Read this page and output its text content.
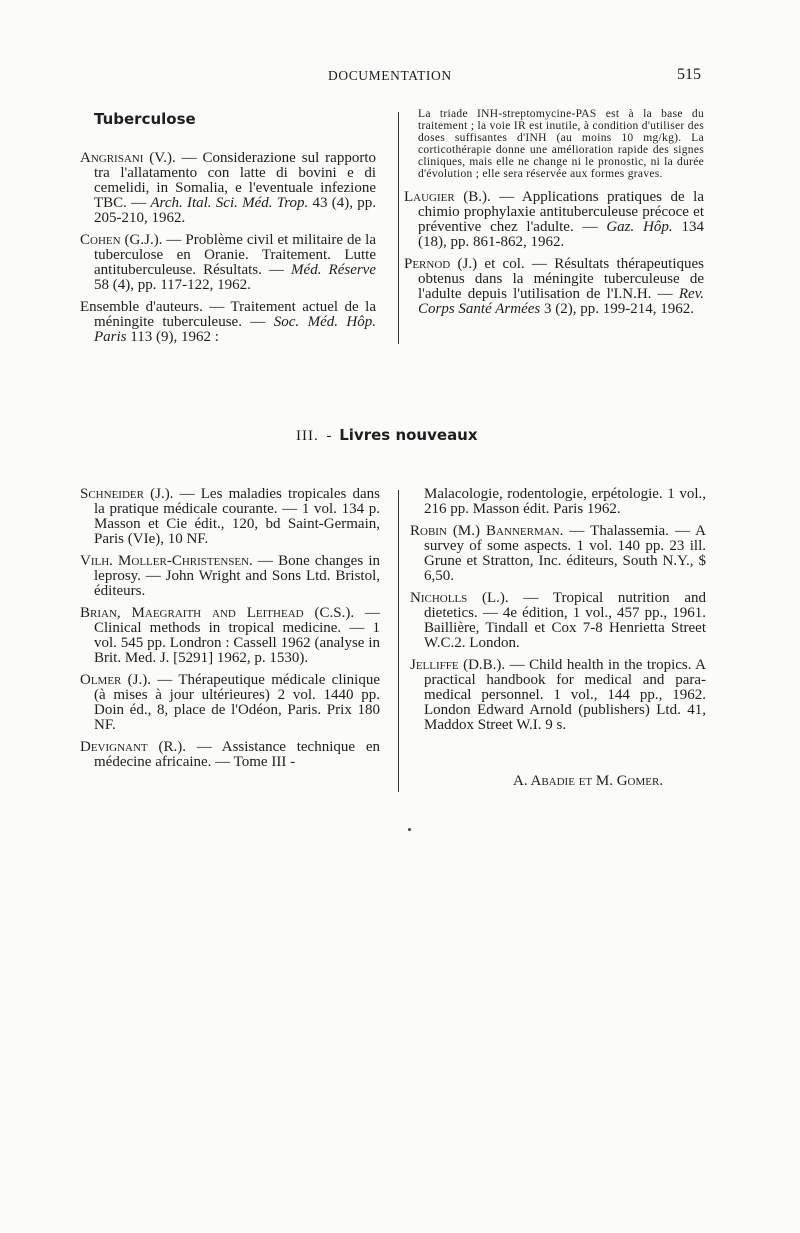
DOCUMENTATION	515
Tuberculose

Angrisani (V.). — Considerazione sul rapporto tra l'allatamento con latte di bovini e di cemelidi, in Somalia, e l'eventuale infezione TBC. — Arch. Ital. Sci. Méd. Trop. 43 (4), pp. 205-210, 1962.

Cohen (G.J.). — Problème civil et militaire de la tuberculose en Oranie. Traitement. Lutte antituberculeuse. Résultats. — Méd. Réserve 58 (4), pp. 117-122, 1962.

Ensemble d'auteurs. — Traitement actuel de la méningite tuberculeuse. — Soc. Méd. Hôp. Paris 113 (9), 1962 :

La triade INH-streptomycine-PAS est à la base du traitement ; la voie IR est inutile, à condition d'utiliser des doses suffisantes d'INH (au moins 10 mg/kg). La corticothérapie donne une amélioration rapide des signes cliniques, mais elle ne change ni le pronostic, ni la durée d'évolution ; elle sera réservée aux formes graves.

Laugier (B.). — Applications pratiques de la chimio prophylaxie antituberculeuse précoce et préventive chez l'adulte. — Gaz. Hôp. 134 (18), pp. 861-862, 1962.

Pernod (J.) et col. — Résultats thérapeutiques obtenus dans la méningite tuberculeuse de l'adulte depuis l'utilisation de l'I.N.H. — Rev. Corps Santé Armées 3 (2), pp. 199-214, 1962.

III. - Livres nouveaux

Schneider (J.). — Les maladies tropicales dans la pratique médicale courante. — 1 vol. 134 p. Masson et Cie édit., 120, bd Saint-Germain, Paris (VIe), 10 NF.

Vilh. Moller-Christensen. — Bone changes in leprosy. — John Wright and Sons Ltd. Bristol, éditeurs.

Brian, Maegraith and Leithead (C.S.). — Clinical methods in tropical medicine. — 1 vol. 545 pp. Londron : Cassell 1962 (analyse in Brit. Med. J. [5291] 1962, p. 1530).

Olmer (J.). — Thérapeutique médicale clinique (à mises à jour ultérieures) 2 vol. 1440 pp. Doin éd., 8, place de l'Odéon, Paris. Prix 180 NF.

Devignant (R.). — Assistance technique en médecine africaine. — Tome III -

Malacologie, rodentologie, erpétologie. 1 vol., 216 pp. Masson édit. Paris 1962.

Robin (M.) Bannerman. — Thalassemia. — A survey of some aspects. 1 vol. 140 pp. 23 ill. Grune et Stratton, Inc. éditeurs, South N.Y., $ 6,50.

Nicholls (L.). — Tropical nutrition and dietetics. — 4e édition, 1 vol., 457 pp., 1961. Baillière, Tindall et Cox 7-8 Henrietta Street W.C.2. London.

Jelliffe (D.B.). — Child health in the tropics. A practical handbook for medical and para-medical personnel. 1 vol., 144 pp., 1962. London Edward Arnold (publishers) Ltd. 41, Maddox Street W.I. 9 s.

A. Abadie et M. Gomer.
